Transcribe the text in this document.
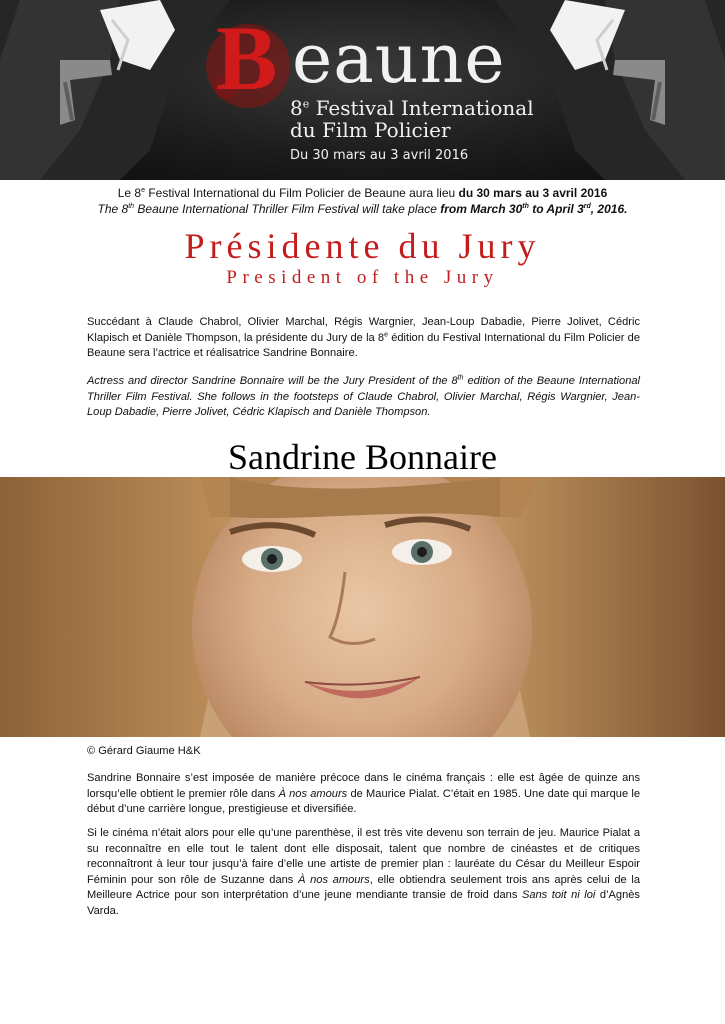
B eaune
8e Festival International
du Film Policier
Du 30 mars au 3 avril 2016
Le 8e Festival International du Film Policier de Beaune aura lieu du 30 mars au 3 avril 2016
The 8th Beaune International Thriller Film Festival will take place from March 30th to April 3rd, 2016.
Présidente du Jury
President of the Jury

Succédant à Claude Chabrol, Olivier Marchal, Régis Wargnier, Jean-Loup Dabadie, Pierre Jolivet, Cédric Klapisch et Danièle Thompson, la présidente du Jury de la 8e édition du Festival International du Film Policier de Beaune sera l’actrice et réalisatrice Sandrine Bonnaire.

Actress and director Sandrine Bonnaire will be the Jury President of the 8th edition of the Beaune International Thriller Film Festival. She follows in the footsteps of Claude Chabrol, Olivier Marchal, Régis Wargnier, Jean-Loup Dabadie, Pierre Jolivet, Cédric Klapisch and Danièle Thompson.

Sandrine Bonnaire
© Gérard Giaume H&K

Sandrine Bonnaire s’est imposée de manière précoce dans le cinéma français : elle est âgée de quinze ans lorsqu’elle obtient le premier rôle dans À nos amours de Maurice Pialat. C’était en 1985. Une date qui marque le début d’une carrière longue, prestigieuse et diversifiée.

Si le cinéma n’était alors pour elle qu’une parenthèse, il est très vite devenu son terrain de jeu. Maurice Pialat a su reconnaître en elle tout le talent dont elle disposait, talent que nombre de cinéastes et de critiques reconnaîtront à leur tour jusqu’à faire d’elle une artiste de premier plan : lauréate du César du Meilleur Espoir Féminin pour son rôle de Suzanne dans À nos amours, elle obtiendra seulement trois ans après celui de la Meilleure Actrice pour son interprétation d’une jeune mendiante transie de froid dans Sans toit ni loi d’Agnès Varda.
